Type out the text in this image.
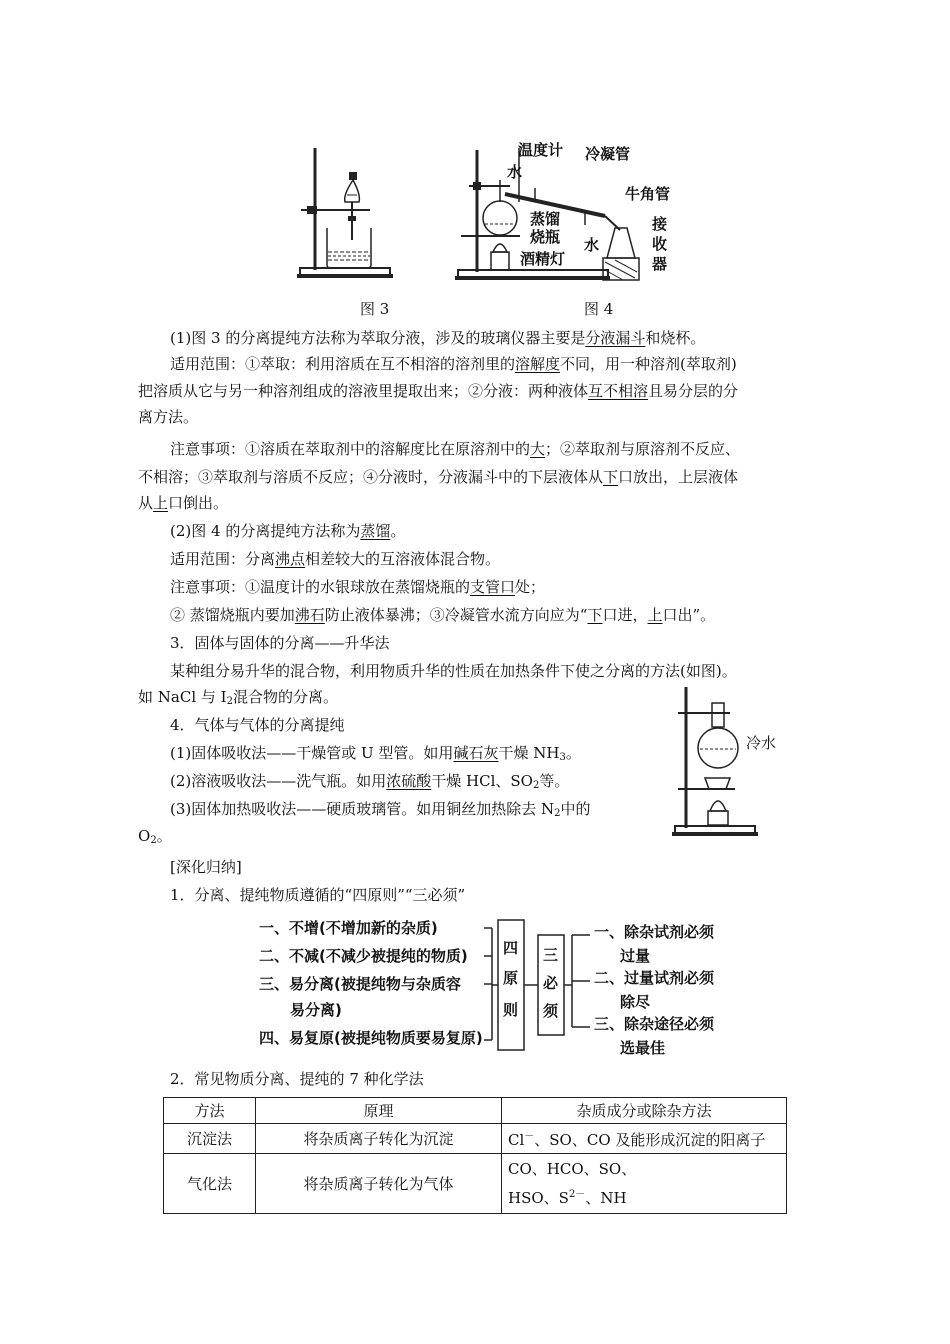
温度计
水
冷凝管
牛角管
蒸馏
烧瓶 水
酒精灯
接
收
器
图 3	图 4
(1)图 3 的分离提纯方法称为萃取分液，涉及的玻璃仪器主要是分液漏斗和烧杯。
适用范围：①萃取：利用溶质在互不相溶的溶剂里的溶解度不同，用一种溶剂(萃取剂)
把溶质从它与另一种溶剂组成的溶液里提取出来；②分液：两种液体互不相溶且易分层的分
离方法。
注意事项：①溶质在萃取剂中的溶解度比在原溶剂中的大；②萃取剂与原溶剂不反应、
不相溶；③萃取剂与溶质不反应；④分液时，分液漏斗中的下层液体从下口放出，上层液体
从上口倒出。
(2)图 4 的分离提纯方法称为蒸馏。
适用范围：分离沸点相差较大的互溶液体混合物。
注意事项：①温度计的水银球放在蒸馏烧瓶的支管口处；
② 蒸馏烧瓶内要加沸石防止液体暴沸；③冷凝管水流方向应为“下口进，上口出”。
3．固体与固体的分离——升华法
某种组分易升华的混合物，利用物质升华的性质在加热条件下使之分离的方法(如图)。
如 NaCl 与 $I_2$混合物的分离。
4．气体与气体的分离提纯
(1)固体吸收法——干燥管或 U 型管。如用碱石灰干燥 $NH_3$。
(2)溶液吸收法——洗气瓶。如用浓硫酸干燥 HCl、$SO_2$等。
(3)固体加热吸收法——硬质玻璃管。如用铜丝加热除去 $N_2$中的
$O_2$。
冷水
[深化归纳]
1．分离、提纯物质遵循的“四原则”“三必须”
一、不增(不增加新的杂质)
二、不减(不减少被提纯的物质)
三、易分离(被提纯物与杂质容
易分离)
四、易复原(被提纯物质要易复原)
四
原
则
三
必
须
一、除杂试剂必须
过量
二、过量试剂必须
除尽
三、除杂途径必须
选最佳
2．常见物质分离、提纯的 7 种化学法
方法	原理	杂质成分或除杂方法
沉淀法	将杂质离子转化为沉淀	Cl－、SO、CO 及能形成沉淀的阳离子
气化法	将杂质离子转化为气体	CO、HCO、SO、
HSO、$S^{2-}$、NH
